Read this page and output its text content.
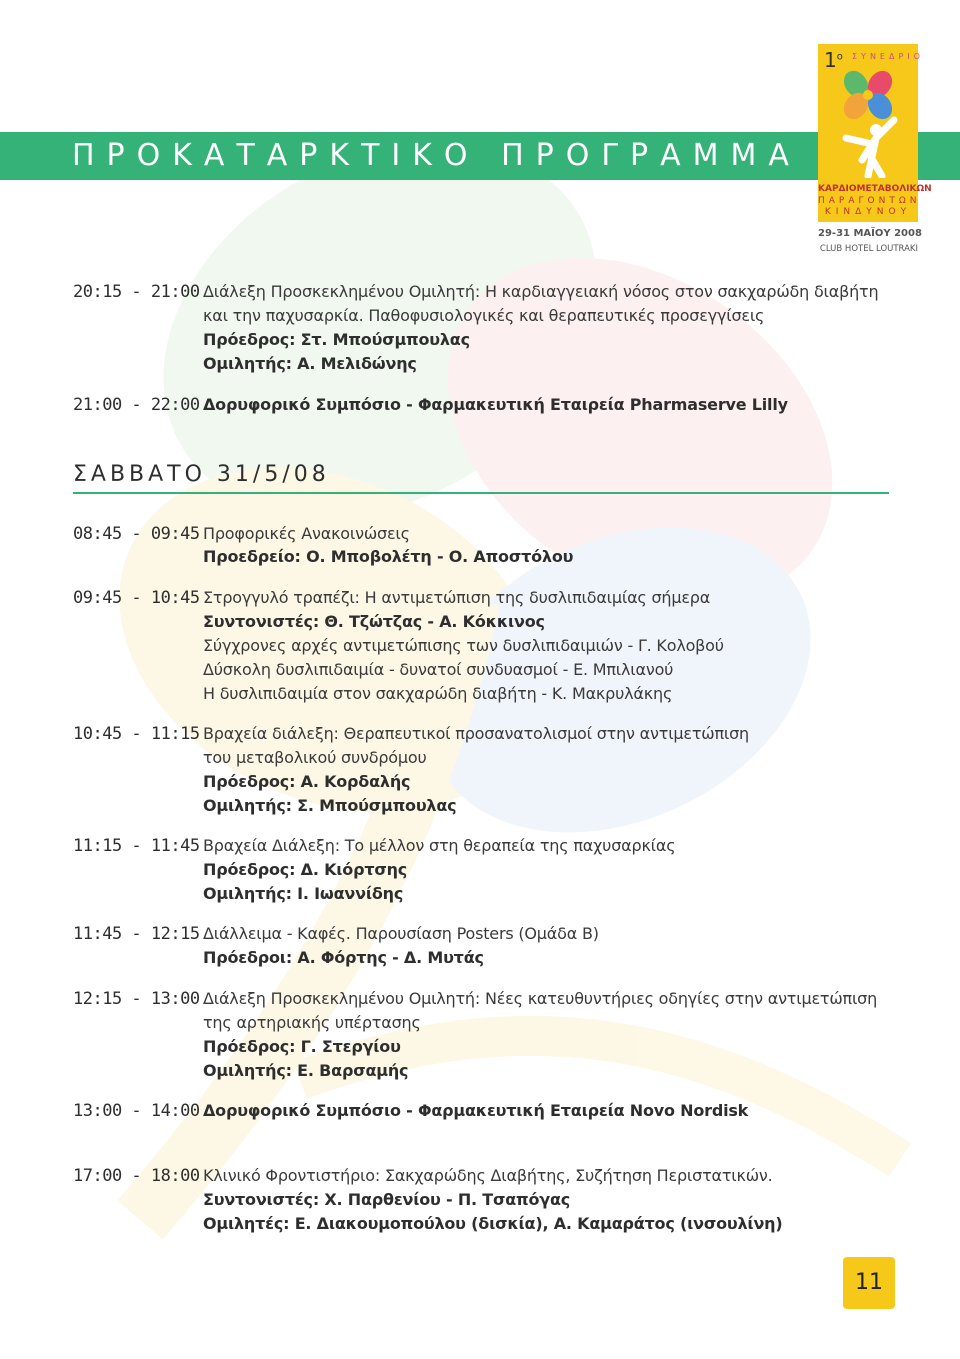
ΠΡΟΚΑΤΑΡΚΤΙΚΟ ΠΡΟΓΡΑΜΜΑ
$1^o$ ΣΥΝΕΔΡΙΟ
ΚΑΡΔΙΟΜΕΤΑΒΟΛΙΚΩΝ
ΠΑΡΑΓΟΝΤΩΝ
ΚΙΝΔΥΝΟΥ
29-31 ΜΑΪΟΥ 2008
CLUB HOTEL LOUTRAKI
20:15 - 21:00 Διάλεξη Προσκεκλημένου Ομιλητή: Η καρδιαγγειακή νόσος στον σακχαρώδη διαβήτη
και την παχυσαρκία. Παθοφυσιολογικές και θεραπευτικές προσεγγίσεις
Πρόεδρος: Στ. Μπούσμπουλας
Ομιλητής: Α. Μελιδώνης
21:00 - 22:00 Δορυφορικό Συμπόσιο - Φαρμακευτική Εταιρεία Pharmaserve Lilly
ΣΑΒΒΑΤΟ 31/5/08
08:45 - 09:45 Προφορικές Ανακοινώσεις
Προεδρείο: Ο. Μποβολέτη - Ο. Αποστόλου
09:45 - 10:45 Στρογγυλό τραπέζι: Η αντιμετώπιση της δυσλιπιδαιμίας σήμερα
Συντονιστές: Θ. Τζώτζας - Α. Κόκκινος
Σύγχρονες αρχές αντιμετώπισης των δυσλιπιδαιμιών - Γ. Κολοβού
Δύσκολη δυσλιπιδαιμία - δυνατοί συνδυασμοί - Ε. Μπιλιανού
Η δυσλιπιδαιμία στον σακχαρώδη διαβήτη - Κ. Μακρυλάκης
10:45 - 11:15 Βραχεία διάλεξη: Θεραπευτικοί προσανατολισμοί στην αντιμετώπιση
του μεταβολικού συνδρόμου
Πρόεδρος: Α. Κορδαλής
Ομιλητής: Σ. Μπούσμπουλας
11:15 - 11:45 Βραχεία Διάλεξη: Το μέλλον στη θεραπεία της παχυσαρκίας
Πρόεδρος: Δ. Κιόρτσης
Ομιλητής: Ι. Ιωαννίδης
11:45 - 12:15 Διάλλειμα - Καφές. Παρουσίαση Posters (Ομάδα Β)
Πρόεδροι: Α. Φόρτης - Δ. Μυτάς
12:15 - 13:00 Διάλεξη Προσκεκλημένου Ομιλητή: Νέες κατευθυντήριες οδηγίες στην αντιμετώπιση
της αρτηριακής υπέρτασης
Πρόεδρος: Γ. Στεργίου
Ομιλητής: Ε. Βαρσαμής
13:00 - 14:00 Δορυφορικό Συμπόσιο - Φαρμακευτική Εταιρεία Novo Nordisk
17:00 - 18:00 Κλινικό Φροντιστήριο: Σακχαρώδης Διαβήτης, Συζήτηση Περιστατικών.
Συντονιστές: Χ. Παρθενίου - Π. Τσαπόγας
Ομιλητές: Ε. Διακουμοπούλου (δισκία), Α. Καμαράτος (ινσουλίνη)
11
